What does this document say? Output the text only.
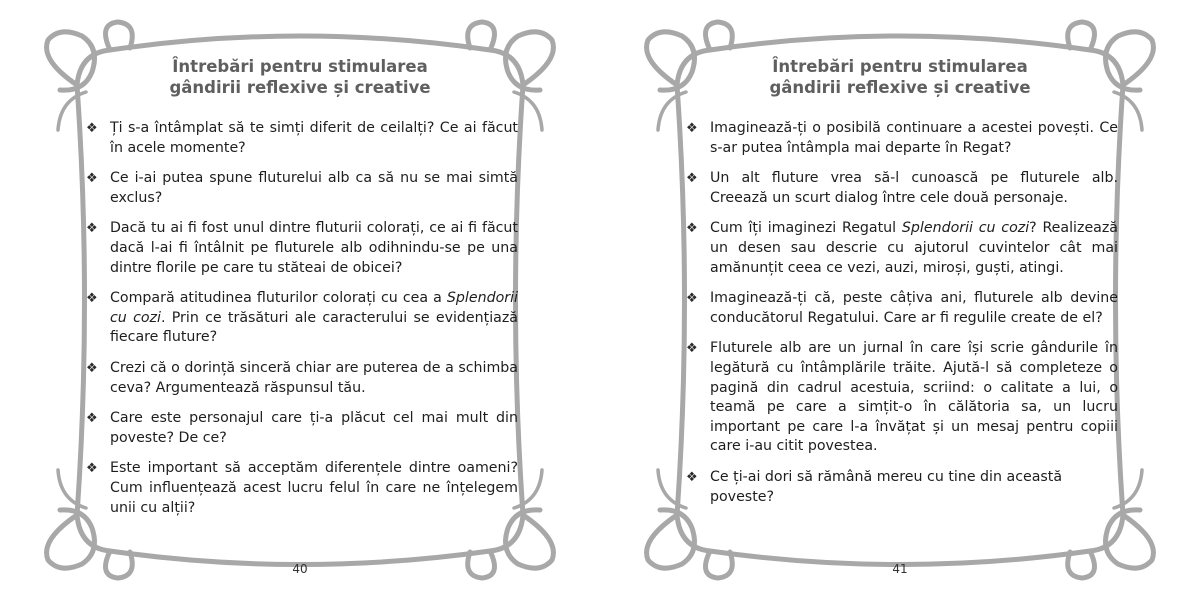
Întrebări pentru stimularea
gândirii reflexive și creative
❖ Ți s-a întâmplat să te simți diferit de ceilalți? Ce ai făcut în acele momente?
❖ Ce i-ai putea spune fluturelui alb ca să nu se mai simtă exclus?
❖ Dacă tu ai fi fost unul dintre fluturii colorați, ce ai fi făcut dacă l-ai fi întâlnit pe fluturele alb odihnindu-se pe una dintre florile pe care tu stăteai de obicei?
❖ Compară atitudinea fluturilor colorați cu cea a Splendorii cu cozi. Prin ce trăsături ale caracterului se evidențiază fiecare fluture?
❖ Crezi că o dorință sinceră chiar are puterea de a schimba ceva? Argumentează răspunsul tău.
❖ Care este personajul care ți-a plăcut cel mai mult din poveste? De ce?
❖ Este important să acceptăm diferențele dintre oameni? Cum influențează acest lucru felul în care ne înțelegem unii cu alții?
40
Întrebări pentru stimularea
gândirii reflexive și creative
❖ Imaginează-ți o posibilă continuare a acestei povești. Ce s-ar putea întâmpla mai departe în Regat?
❖ Un alt fluture vrea să-l cunoască pe fluturele alb. Creează un scurt dialog între cele două personaje.
❖ Cum îți imaginezi Regatul Splendorii cu cozi? Realizează un desen sau descrie cu ajutorul cuvintelor cât mai amănunțit ceea ce vezi, auzi, miroși, guști, atingi.
❖ Imaginează-ți că, peste câțiva ani, fluturele alb devine conducătorul Regatului. Care ar fi regulile create de el?
❖ Fluturele alb are un jurnal în care își scrie gândurile în legătură cu întâmplările trăite. Ajută-l să completeze o pagină din cadrul acestuia, scriind: o calitate a lui, o teamă pe care a simțit-o în călătoria sa, un lucru important pe care l-a învățat și un mesaj pentru copiii care i-au citit povestea.
❖ Ce ți-ai dori să rămână mereu cu tine din această poveste?
41
